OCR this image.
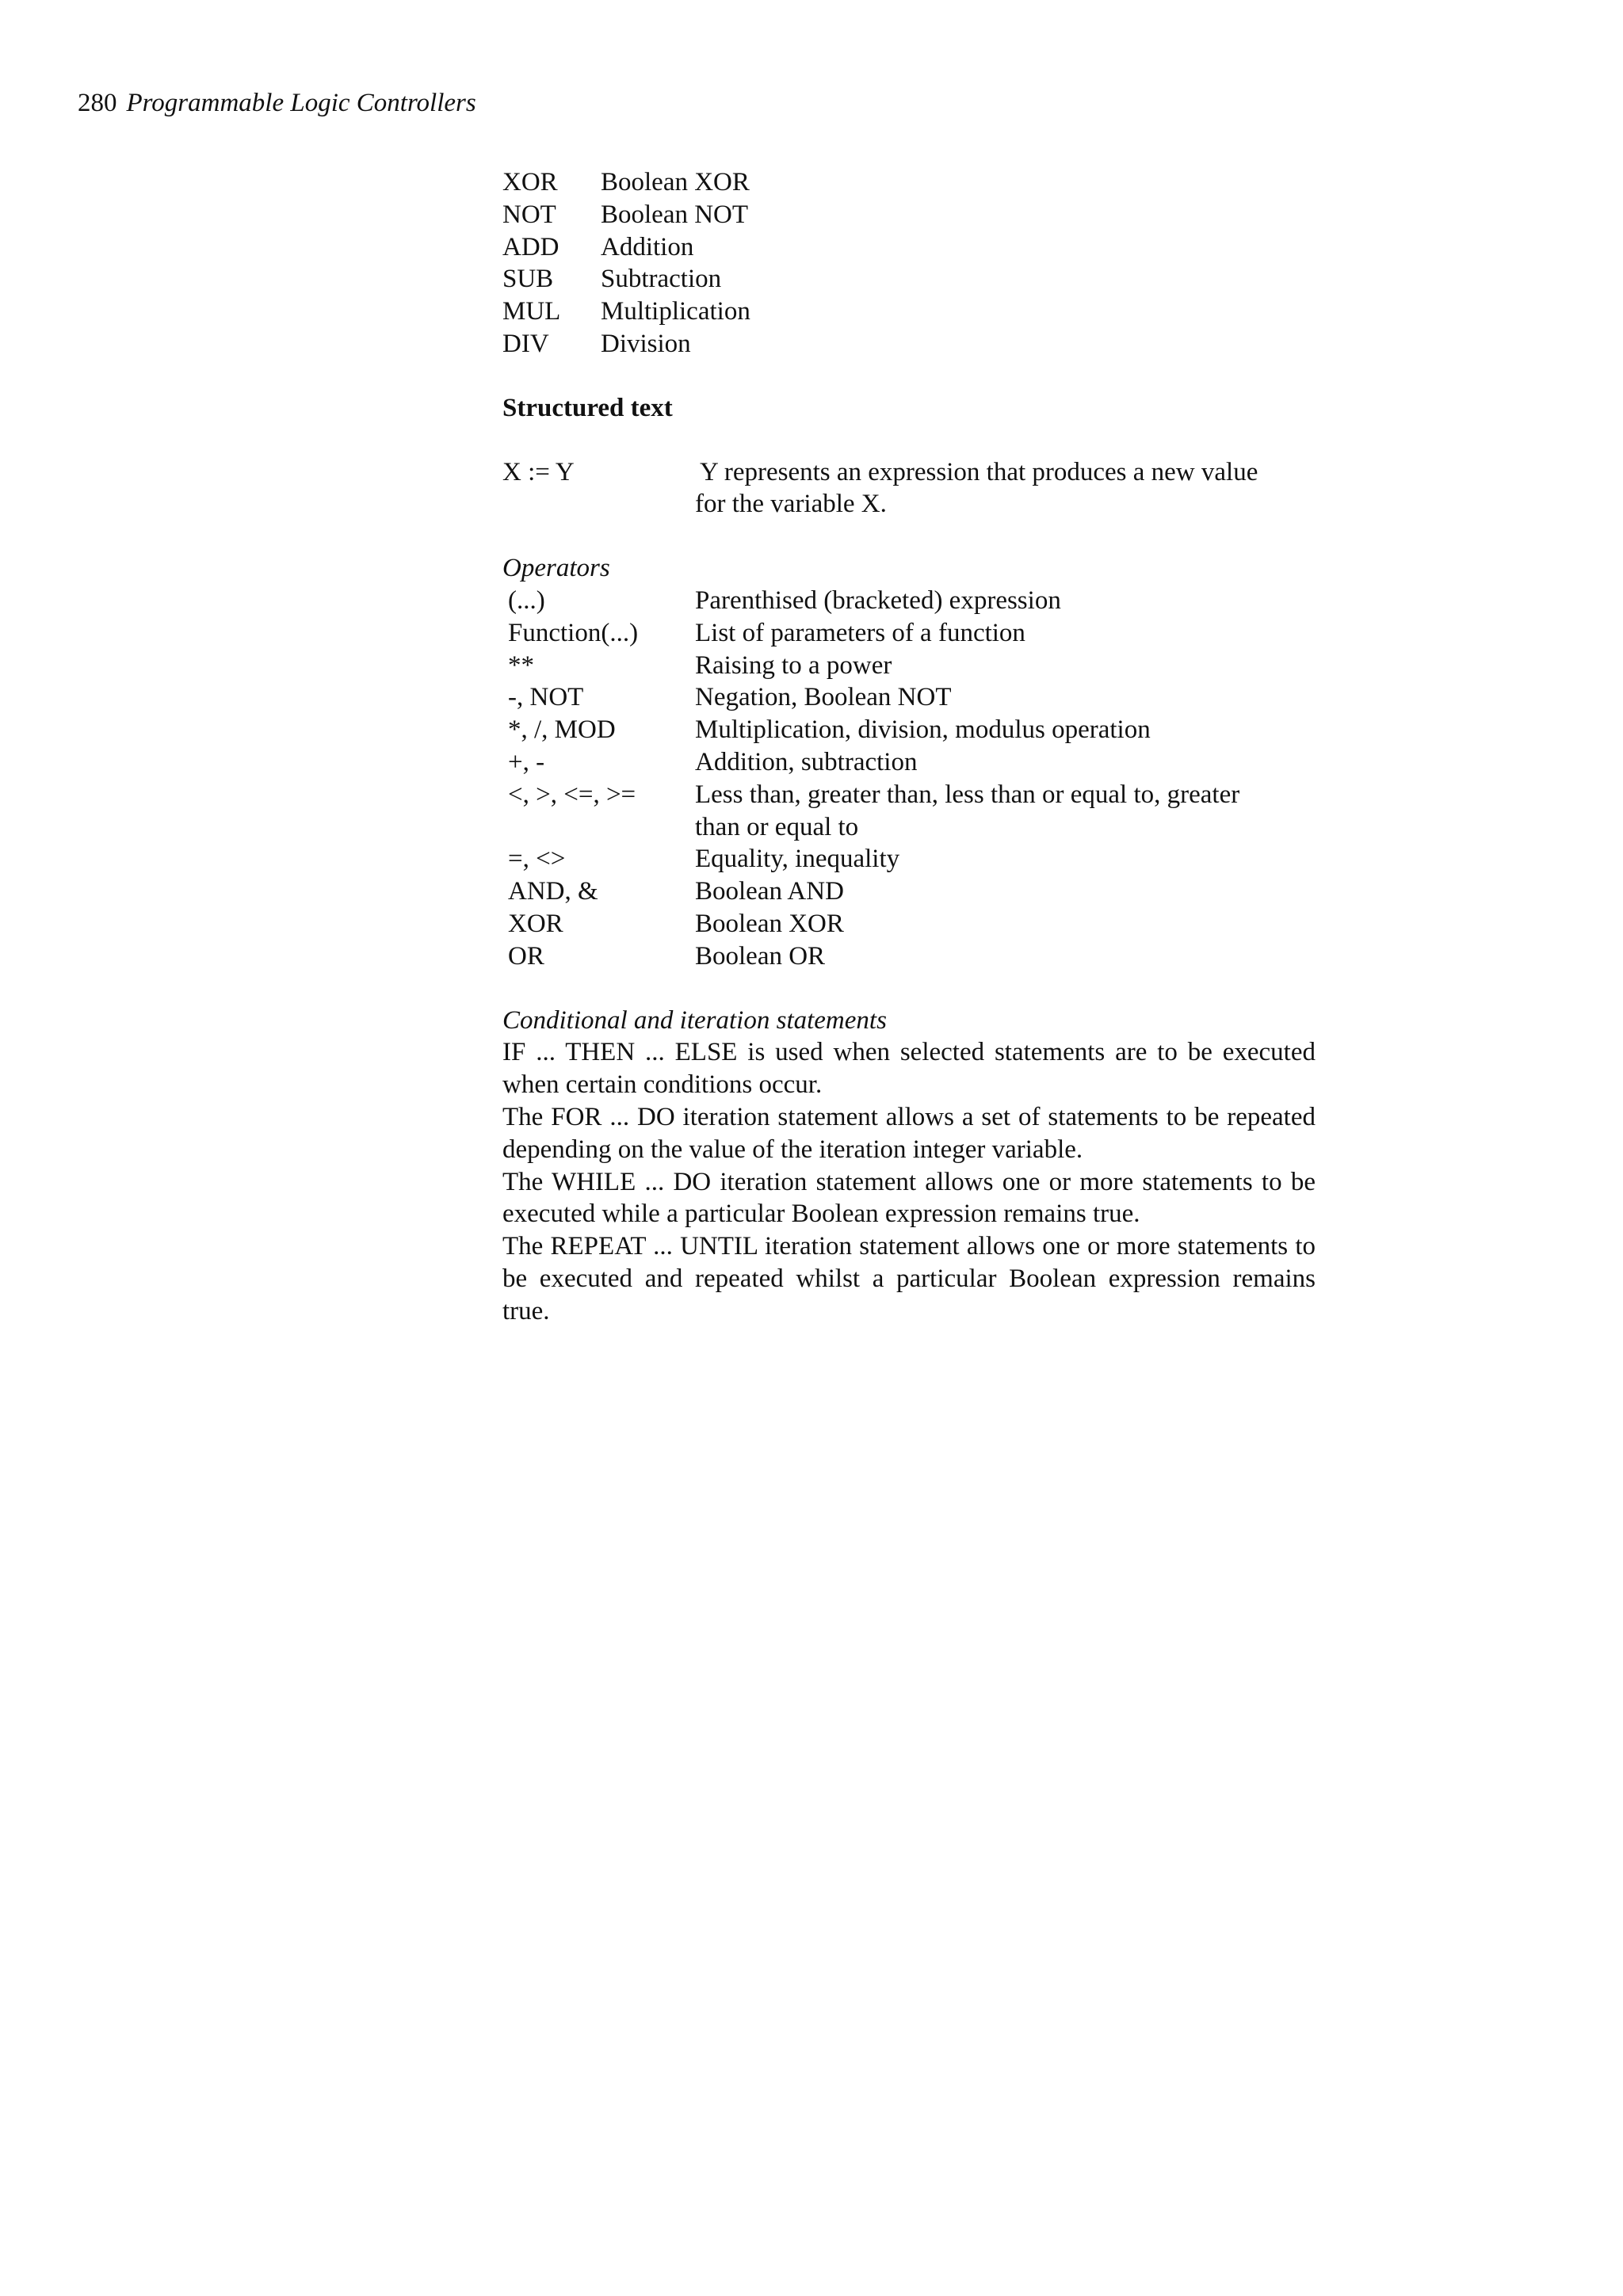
280 Programmable Logic Controllers
XOR	Boolean XOR
NOT	Boolean NOT
ADD	Addition
SUB	Subtraction
MUL	Multiplication
DIV	Division
Structured text
X := Y	Y represents an expression that produces a new value
for the variable X.
Operators
(...)	Parenthised (bracketed) expression
Function(...)	List of parameters of a function
**	Raising to a power
-, NOT	Negation, Boolean NOT
*, /, MOD	Multiplication, division, modulus operation
+, -	Addition, subtraction
<, >, <=, >=	Less than, greater than, less than or equal to, greater than or equal to
=, <>	Equality, inequality
AND, &	Boolean AND
XOR	Boolean XOR
OR	Boolean OR
Conditional and iteration statements
IF ... THEN ... ELSE is used when selected statements are to be executed when certain conditions occur.
The FOR ... DO iteration statement allows a set of statements to be repeated depending on the value of the iteration integer variable.
The WHILE ... DO iteration statement allows one or more statements to be executed while a particular Boolean expression remains true.
The REPEAT ... UNTIL iteration statement allows one or more statements to be executed and repeated whilst a particular Boolean expression remains true.
